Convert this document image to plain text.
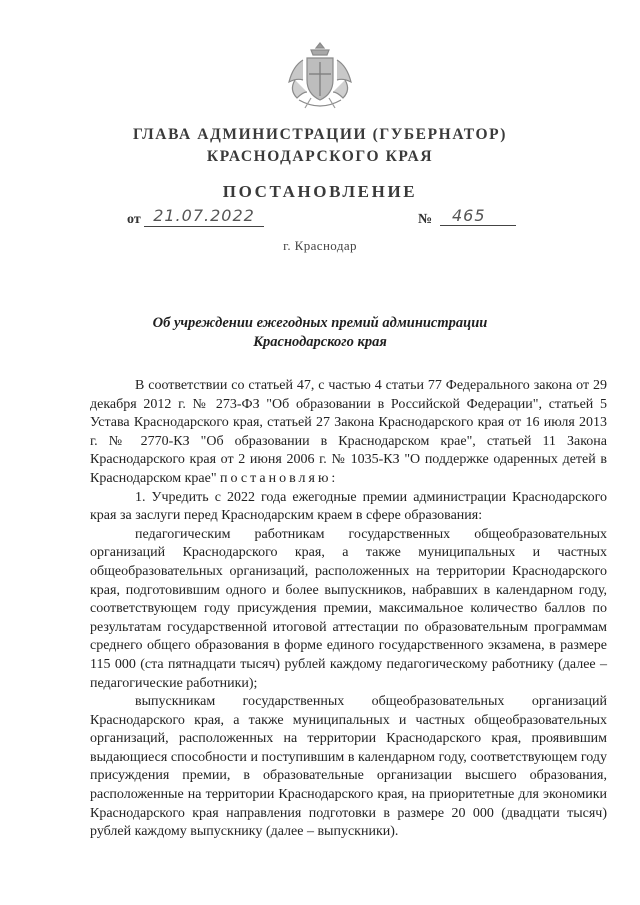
ГЛАВА АДМИНИСТРАЦИИ (ГУБЕРНАТОР)
КРАСНОДАРСКОГО КРАЯ
ПОСТАНОВЛЕНИЕ
от 21.07.2022	№	465
г. Краснодар
Об учреждении ежегодных премий администрации
Краснодарского края

В соответствии со статьей 47, с частью 4 статьи 77 Федерального закона от 29 декабря 2012 г. № 273-ФЗ "Об образовании в Российской Федерации", статьей 5 Устава Краснодарского края, статьей 27 Закона Краснодарского края от 16 июля 2013 г. № 2770-КЗ "Об образовании в Краснодарском крае", статьей 11 Закона Краснодарского края от 2 июня 2006 г. № 1035-КЗ "О поддержке одаренных детей в Краснодарском крае" постановляю:

1. Учредить с 2022 года ежегодные премии администрации Краснодарского края за заслуги перед Краснодарским краем в сфере образования:

педагогическим работникам государственных общеобразовательных организаций Краснодарского края, а также муниципальных и частных общеобразовательных организаций, расположенных на территории Краснодарского края, подготовившим одного и более выпускников, набравших в календарном году, соответствующем году присуждения премии, максимальное количество баллов по результатам государственной итоговой аттестации по образовательным программам среднего общего образования в форме единого государственного экзамена, в размере 115 000 (ста пятнадцати тысяч) рублей каждому педагогическому работнику (далее – педагогические работники);

выпускникам государственных общеобразовательных организаций Краснодарского края, а также муниципальных и частных общеобразовательных организаций, расположенных на территории Краснодарского края, проявившим выдающиеся способности и поступившим в календарном году, соответствующем году присуждения премии, в образовательные организации высшего образования, расположенные на территории Краснодарского края, на приоритетные для экономики Краснодарского края направления подготовки в размере 20 000 (двадцати тысяч) рублей каждому выпускнику (далее – выпускники).
